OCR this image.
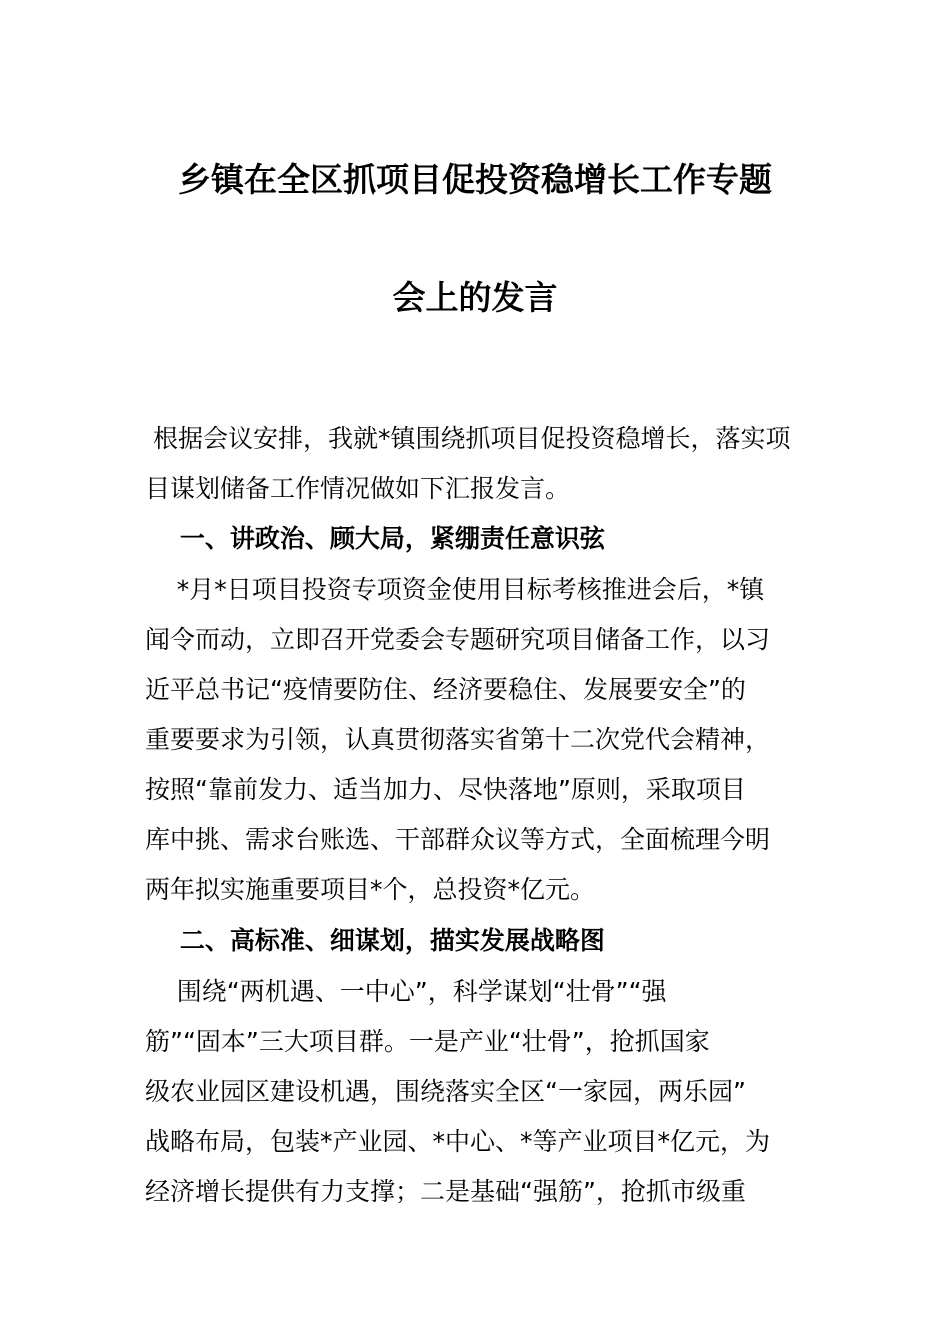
乡镇在全区抓项目促投资稳增长工作专题
会上的发言
根据会议安排，我就*镇围绕抓项目促投资稳增长，落实项
目谋划储备工作情况做如下汇报发言。
一、讲政治、顾大局，紧绷责任意识弦
*月*日项目投资专项资金使用目标考核推进会后，*镇
闻令而动，立即召开党委会专题研究项目储备工作，以习
近平总书记“疫情要防住、经济要稳住、发展要安全”的
重要要求为引领，认真贯彻落实省第十二次党代会精神，
按照“靠前发力、适当加力、尽快落地”原则，采取项目
库中挑、需求台账选、干部群众议等方式，全面梳理今明
两年拟实施重要项目*个，总投资*亿元。
二、高标准、细谋划，描实发展战略图
围绕“两机遇、一中心”，科学谋划“壮骨”“强
筋”“固本”三大项目群。一是产业“壮骨”，抢抓国家
级农业园区建设机遇，围绕落实全区“一家园，两乐园”
战略布局，包装*产业园、*中心、*等产业项目*亿元，为
经济增长提供有力支撑；二是基础“强筋”，抢抓市级重
